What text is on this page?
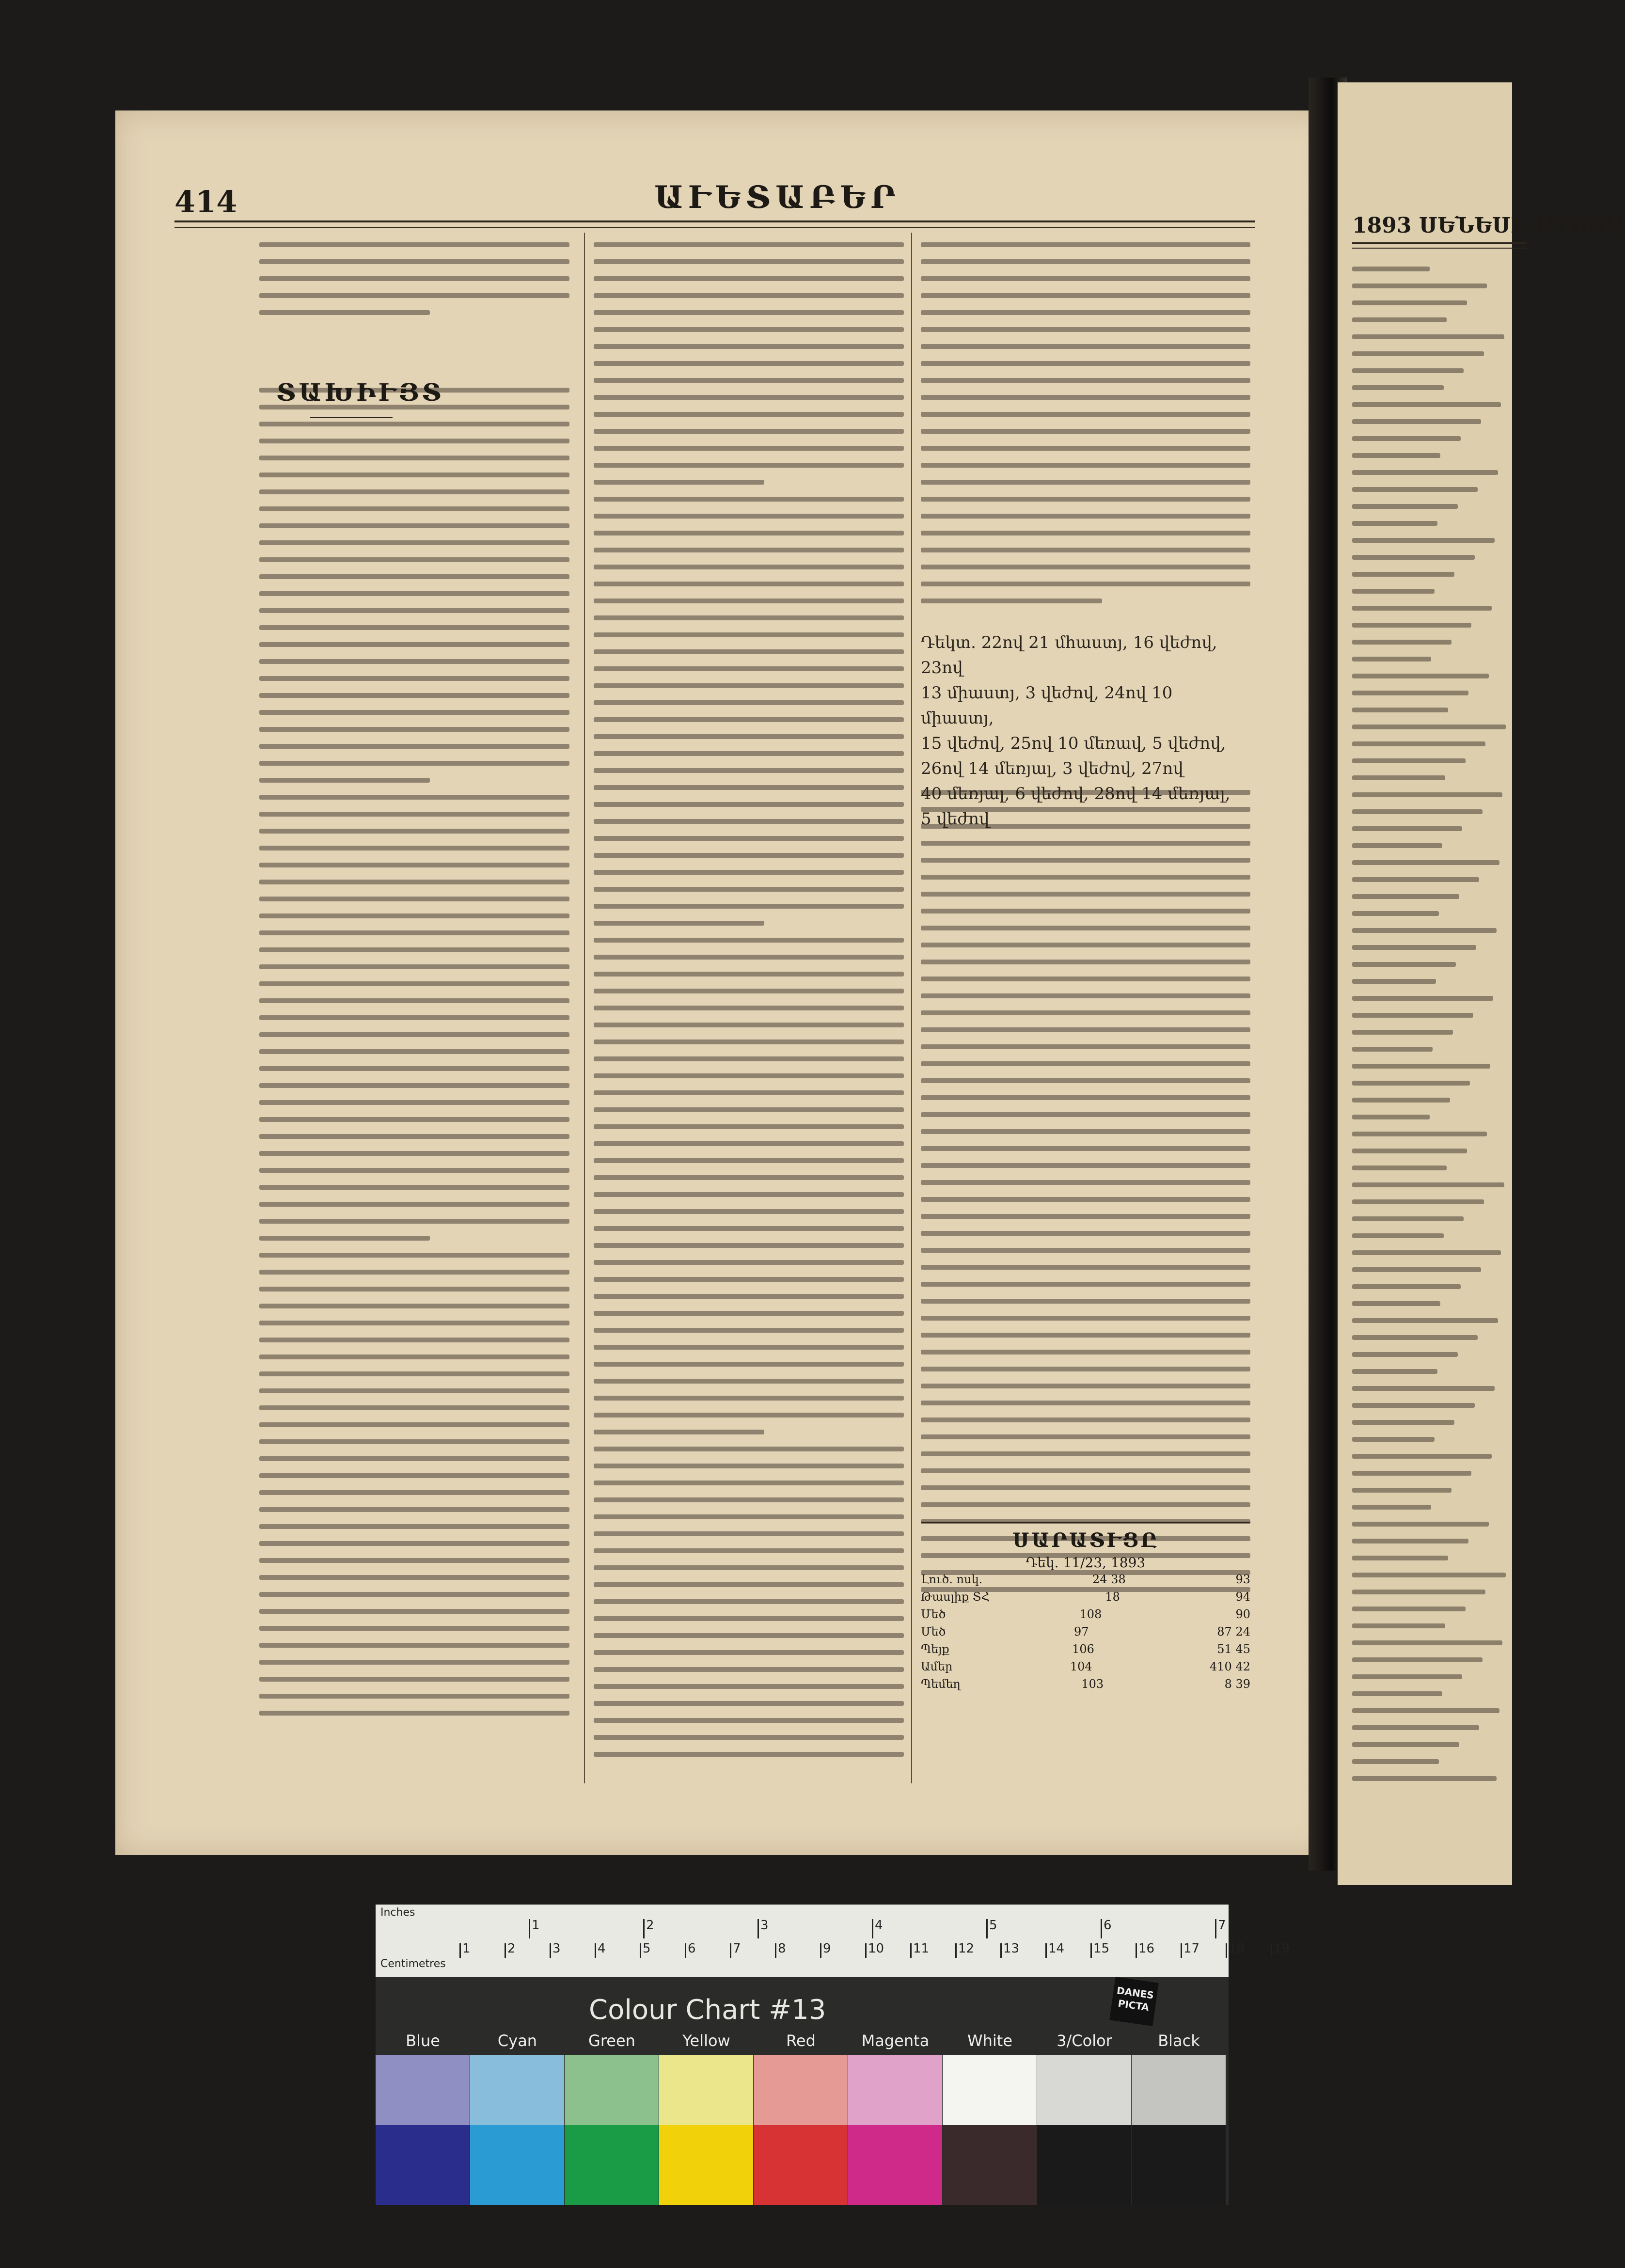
1893 ՍԵՆԵՍԻ ԱՒԵՏԱ
414	ԱՒԵՏԱԲԵՐ
ՏԱԽԻՒՅՏ
Դեկտ. 22ով 21 մհաստյ, 16 վեժով, 23ով
13 միաստյ, 3 վեժով, 24ով 10 միաստյ,
15 վեժով, 25ով 10 մեռավ, 5 վեժով,
26ով 14 մեռյալ, 3 վեժով, 27ով
40 մեռյալ, 6 վեժով, 28ով 14 մեռյալ,
5 վեժով
ՍԱՐԱՏՒՑԸ
Դեկ. 11/23, 1893
Լուծ. ոսկ.	24 38	93
Թասլիք ՏՀ	18	94
Մեծ	108	90
Մեծ	97	87 24
Պեյք	106	51 45
Ամեր	104	410 42
Պեմեղ	103	8 39
Inches
Centimetres
1	2	3	4	5	6	7
1	2	3	4	5	6	7	8	9	10 11 12 13 14 15 16 17 18 19
Colour Chart #13
DANES
PICTA
Blue	Cyan	Green	Yellow	Red	Magenta	White	3/Color	Black
